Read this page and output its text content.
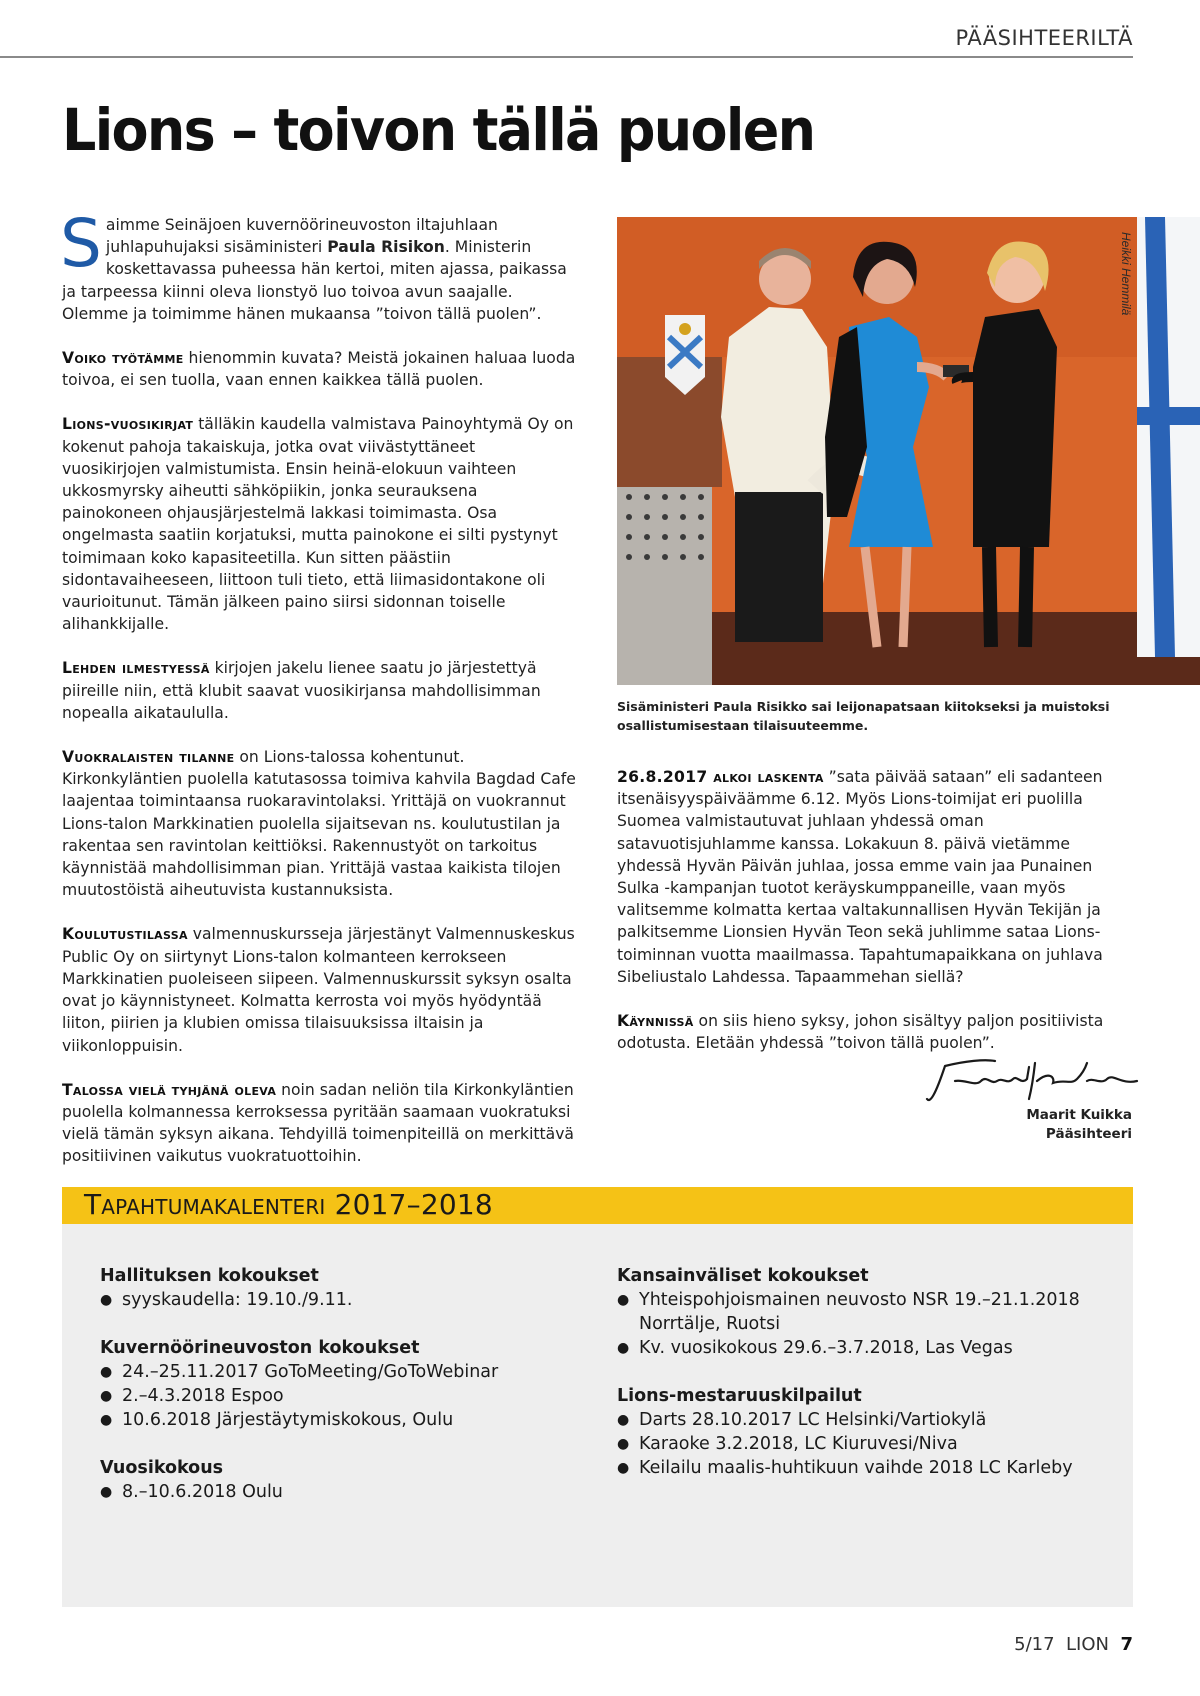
PÄÄSIHTEERILTÄ
Lions – toivon tällä puolen

Saimme Seinäjoen kuvernöörineuvoston iltajuhlaan juhlapuhujaksi sisäministeri Paula Risikon. Ministerin koskettavassa puheessa hän kertoi, miten ajassa, paikassa ja tarpeessa kiinni oleva lionstyö luo toivoa avun saajalle. Olemme ja toimimme hänen mukaansa ”toivon tällä puolen”.

Voiko työtämme hienommin kuvata? Meistä jokainen haluaa luoda toivoa, ei sen tuolla, vaan ennen kaikkea tällä puolen.

Lions-vuosikirjat tälläkin kaudella valmistava Painoyhtymä Oy on kokenut pahoja takaiskuja, jotka ovat viivästyttäneet vuosikirjojen valmistumista. Ensin heinä-elokuun vaihteen ukkosmyrsky aiheutti sähköpiikin, jonka seurauksena painokoneen ohjausjärjestelmä lakkasi toimimasta. Osa ongelmasta saatiin korjatuksi, mutta painokone ei silti pystynyt toimimaan koko kapasiteetilla. Kun sitten päästiin sidontavaiheeseen, liittoon tuli tieto, että liimasidontakone oli vaurioitunut. Tämän jälkeen paino siirsi sidonnan toiselle alihankkijalle.

Lehden ilmestyessä kirjojen jakelu lienee saatu jo järjestettyä piireille niin, että klubit saavat vuosikirjansa mahdollisimman nopealla aikataululla.

Vuokralaisten tilanne on Lions-talossa kohentunut. Kirkonkyläntien puolella katutasossa toimiva kahvila Bagdad Cafe laajentaa toimintaansa ruokaravintolaksi. Yrittäjä on vuokrannut Lions-talon Markkinatien puolella sijaitsevan ns. koulutustilan ja rakentaa sen ravintolan keittiöksi. Rakennustyöt on tarkoitus käynnistää mahdollisimman pian. Yrittäjä vastaa kaikista tilojen muutostöistä aiheutuvista kustannuksista.

Koulutustilassa valmennuskursseja järjestänyt Valmennuskeskus Public Oy on siirtynyt Lions-talon kolmanteen kerrokseen Markkinatien puoleiseen siipeen. Valmennuskurssit syksyn osalta ovat jo käynnistyneet. Kolmatta kerrosta voi myös hyödyntää liiton, piirien ja klubien omissa tilaisuuksissa iltaisin ja viikonloppuisin.

Talossa vielä tyhjänä oleva noin sadan neliön tila Kirkonkyläntien puolella kolmannessa kerroksessa pyritään saamaan vuokratuksi vielä tämän syksyn aikana. Tehdyillä toimenpiteillä on merkittävä positiivinen vaikutus vuokratuottoihin.

Heikki Hemmilä
Sisäministeri Paula Risikko sai leijonapatsaan kiitokseksi ja muistoksi osallistumisestaan tilaisuuteemme.

26.8.2017 alkoi laskenta ”sata päivää sataan” eli sadanteen itsenäisyyspäiväämme 6.12. Myös Lions-toimijat eri puolilla Suomea valmistautuvat juhlaan yhdessä oman satavuotisjuhlamme kanssa. Lokakuun 8. päivä vietämme yhdessä Hyvän Päivän juhlaa, jossa emme vain jaa Punainen Sulka -kampanjan tuotot keräyskumppaneille, vaan myös valitsemme kolmatta kertaa valtakunnallisen Hyvän Tekijän ja palkitsemme Lionsien Hyvän Teon sekä juhlimme sataa Lions-toiminnan vuotta maailmassa. Tapahtumapaikkana on juhlava Sibeliustalo Lahdessa. Tapaammehan siellä?

Käynnissä on siis hieno syksy, johon sisältyy paljon positiivista odotusta. Eletään yhdessä ”toivon tällä puolen”.

Maarit Kuikka
Pääsihteeri
Tapahtumakalenteri 2017–2018
Hallituksen kokoukset
● syyskaudella: 19.10./9.11.
Kuvernöörineuvoston kokoukset
● 24.–25.11.2017 GoToMeeting/GoToWebinar
● 2.–4.3.2018 Espoo
● 10.6.2018 Järjestäytymiskokous, Oulu
Vuosikokous
● 8.–10.6.2018 Oulu
Kansainväliset kokoukset
● Yhteispohjoismainen neuvosto NSR 19.–21.1.2018 Norrtälje, Ruotsi
● Kv. vuosikokous 29.6.–3.7.2018, Las Vegas
Lions-mestaruuskilpailut
● Darts 28.10.2017 LC Helsinki/Vartiokylä
● Karaoke 3.2.2018, LC Kiuruvesi/Niva
● Keilailu maalis-huhtikuun vaihde 2018 LC Karleby
5/17 LION 7
